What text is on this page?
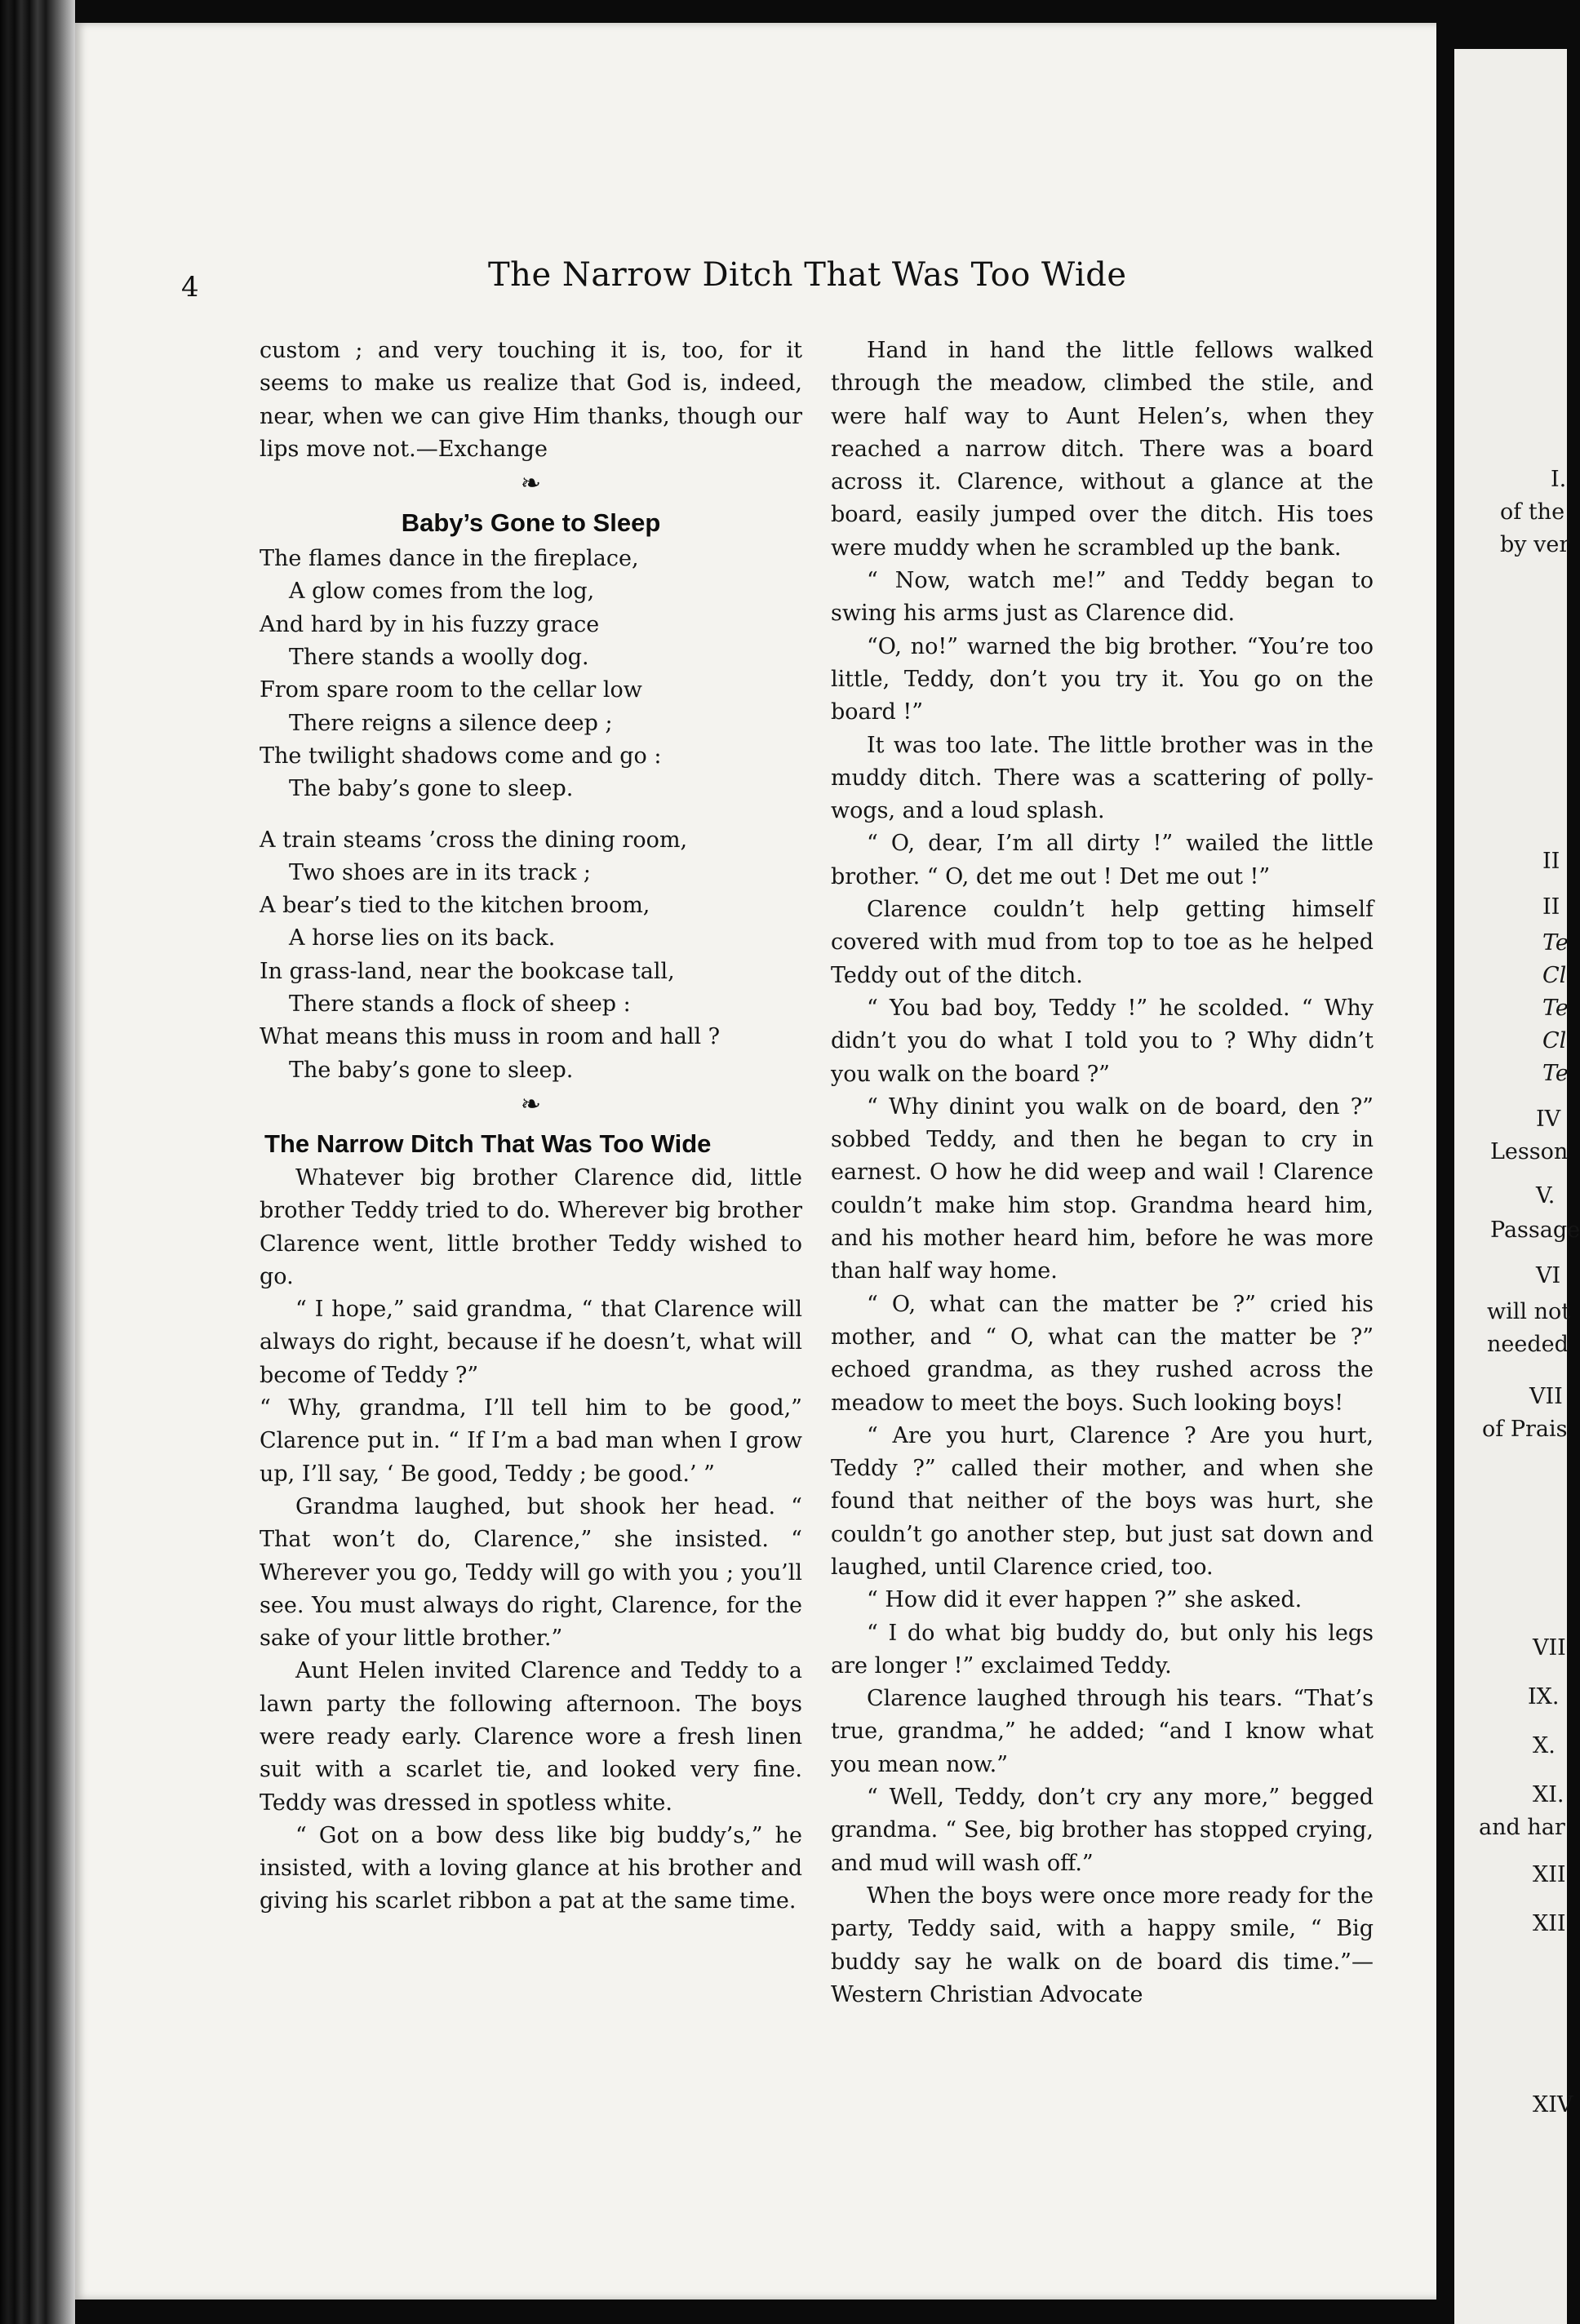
4	The Narrow Ditch That Was Too Wide

custom ; and very touching it is, too, for it seems to make us realize that God is, indeed, near, when we can give Him thanks, though our lips move not.—Exchange

❧
Baby’s Gone to Sleep
The flames dance in the fireplace,
A glow comes from the log,
And hard by in his fuzzy grace
There stands a woolly dog.
From spare room to the cellar low
There reigns a silence deep ;
The twilight shadows come and go :
The baby’s gone to sleep.
A train steams ’cross the dining room,
Two shoes are in its track ;
A bear’s tied to the kitchen broom,
A horse lies on its back.
In grass-land, near the bookcase tall,
There stands a flock of sheep :
What means this muss in room and hall ?
The baby’s gone to sleep.
❧
The Narrow Ditch That Was Too Wide

Whatever big brother Clarence did, little brother Teddy tried to do. Wherever big brother Clarence went, little brother Teddy wished to go.

“ I hope,” said grandma, “ that Clarence will always do right, because if he doesn’t, what will become of Teddy ?”

“ Why, grandma, I’ll tell him to be good,” Clarence put in. “ If I’m a bad man when I grow up, I’ll say, ‘ Be good, Teddy ; be good.’ ”

Grandma laughed, but shook her head. “ That won’t do, Clarence,” she insisted. “ Wherever you go, Teddy will go with you ; you’ll see. You must always do right, Clarence, for the sake of your little brother.”

Aunt Helen invited Clarence and Teddy to a lawn party the following afternoon. The boys were ready early. Clarence wore a fresh linen suit with a scarlet tie, and looked very fine. Teddy was dressed in spotless white.

“ Got on a bow dess like big buddy’s,” he insisted, with a loving glance at his brother and giving his scarlet ribbon a pat at the same time.

Hand in hand the little fellows walked through the meadow, climbed the stile, and were half way to Aunt Helen’s, when they reached a narrow ditch. There was a board across it. Clarence, without a glance at the board, easily jumped over the ditch. His toes were muddy when he scrambled up the bank.

“ Now, watch me!” and Teddy began to swing his arms just as Clarence did.

“O, no!” warned the big brother. “You’re too little, Teddy, don’t you try it. You go on the board !”

It was too late. The little brother was in the muddy ditch. There was a scattering of polly-wogs, and a loud splash.

“ O, dear, I’m all dirty !” wailed the little brother. “ O, det me out ! Det me out !”

Clarence couldn’t help getting himself covered with mud from top to toe as he helped Teddy out of the ditch.

“ You bad boy, Teddy !” he scolded. “ Why didn’t you do what I told you to ? Why didn’t you walk on the board ?”

“ Why dinint you walk on de board, den ?” sobbed Teddy, and then he began to cry in earnest. O how he did weep and wail ! Clarence couldn’t make him stop. Grandma heard him, and his mother heard him, before he was more than half way home.

“ O, what can the matter be ?” cried his mother, and “ O, what can the matter be ?” echoed grandma, as they rushed across the meadow to meet the boys. Such looking boys!

“ Are you hurt, Clarence ? Are you hurt, Teddy ?” called their mother, and when she found that neither of the boys was hurt, she couldn’t go another step, but just sat down and laughed, until Clarence cried, too.

“ How did it ever happen ?” she asked.

“ I do what big buddy do, but only his legs are longer !” exclaimed Teddy.

Clarence laughed through his tears. “That’s true, grandma,” he added; “and I know what you mean now.”

“ Well, Teddy, don’t cry any more,” begged grandma. “ See, big brother has stopped crying, and mud will wash off.”

When the boys were once more ready for the party, Teddy said, with a happy smile, “ Big buddy say he walk on de board dis time.”—Western Christian Advocate

I.
of the
by ver
II
II
Te
Cl
Te
Cl
Te
IV
Lesson
V.
Passage
VI
will not
needed
VII
of Prais
VII
IX.
X.
XI.
and har
XII
XII
XIV
